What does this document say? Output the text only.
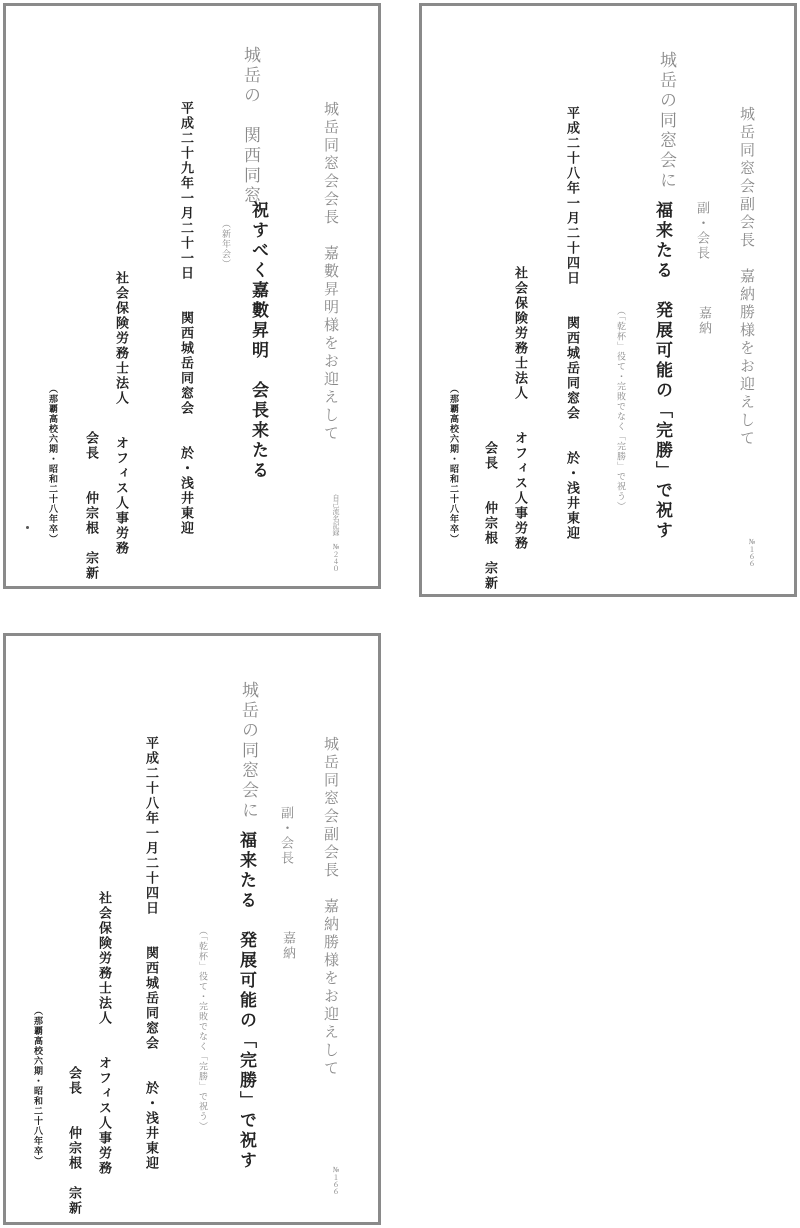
城岳同窓会会長　嘉數昇明様をお迎えして
城岳の　関西同窓
祝すべく嘉數昇明　会長来たる
（新年会）
平成二十九年一月二十一日　　関西城岳同窓会　　於・浅井東迎
社会保険労務士法人　　オフィス人事労務
会長　　仲宗根　宗新
（那覇高校六期・昭和二十八年卒）	自己流名記録　№２４０
城岳同窓会副会長　嘉納勝様をお迎えして
副・会長
嘉納
城岳の同窓会に
福来たる　発展可能の「完勝」で祝す
（「乾杯」役て・完敗でなく「完勝」で祝う）
平成二十八年一月二十四日　　関西城岳同窓会　　於・浅井東迎
社会保険労務士法人　　オフィス人事労務
会長　　仲宗根　宗新
（那覇高校六期・昭和二十八年卒）
№１６６
城岳同窓会副会長　嘉納勝様をお迎えして
副・会長
嘉納
城岳の同窓会に
福来たる　発展可能の「完勝」で祝す
（「乾杯」役て・完敗でなく「完勝」で祝う）
平成二十八年一月二十四日　　関西城岳同窓会　　於・浅井東迎
社会保険労務士法人　　オフィス人事労務
会長　　仲宗根　宗新
（那覇高校六期・昭和二十八年卒）
№１６６
